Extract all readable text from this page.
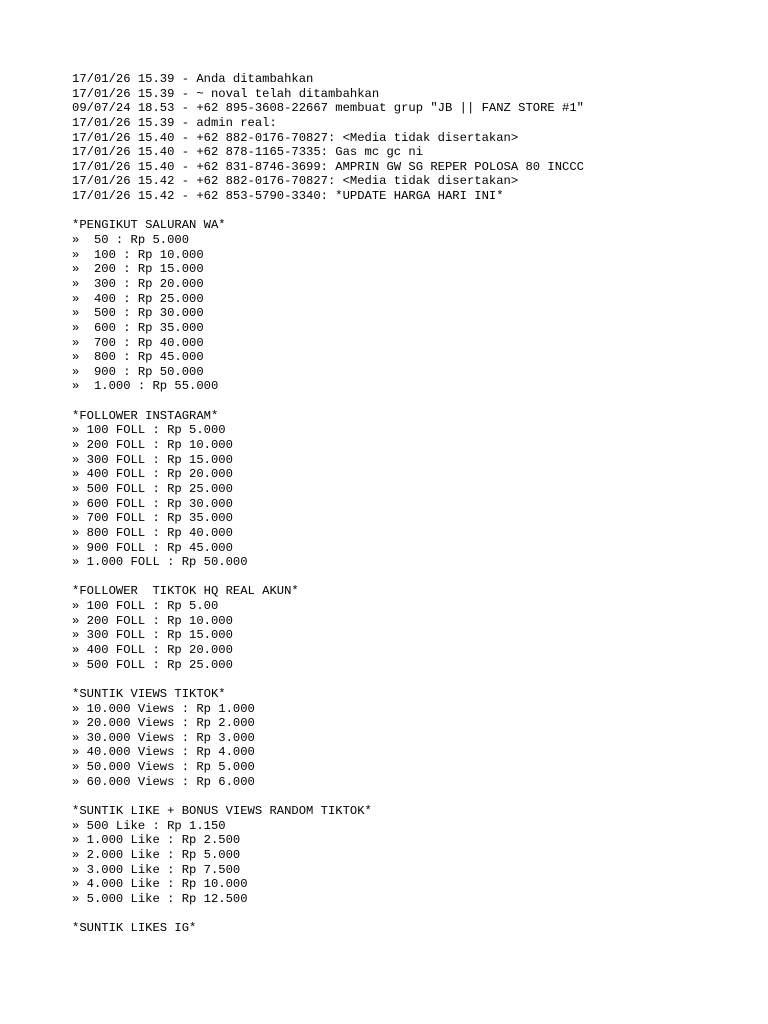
17/01/26 15.39 - Anda ditambahkan
17/01/26 15.39 - ~ noval telah ditambahkan
09/07/24 18.53 - +62 895-3608-22667 membuat grup "JB || FANZ STORE #1"
17/01/26 15.39 - admin real:
17/01/26 15.40 - +62 882-0176-70827: <Media tidak disertakan>
17/01/26 15.40 - +62 878-1165-7335: Gas mc gc ni
17/01/26 15.40 - +62 831-8746-3699: AMPRIN GW SG REPER POLOSA 80 INCCC
17/01/26 15.42 - +62 882-0176-70827: <Media tidak disertakan>
17/01/26 15.42 - +62 853-5790-3340: *UPDATE HARGA HARI INI*
*PENGIKUT SALURAN WA*
»  50 : Rp 5.000
»  100 : Rp 10.000
»  200 : Rp 15.000
»  300 : Rp 20.000
»  400 : Rp 25.000
»  500 : Rp 30.000
»  600 : Rp 35.000
»  700 : Rp 40.000
»  800 : Rp 45.000
»  900 : Rp 50.000
»  1.000 : Rp 55.000
*FOLLOWER INSTAGRAM*
» 100 FOLL : Rp 5.000
» 200 FOLL : Rp 10.000
» 300 FOLL : Rp 15.000
» 400 FOLL : Rp 20.000
» 500 FOLL : Rp 25.000
» 600 FOLL : Rp 30.000
» 700 FOLL : Rp 35.000
» 800 FOLL : Rp 40.000
» 900 FOLL : Rp 45.000
» 1.000 FOLL : Rp 50.000
*FOLLOWER  TIKTOK HQ REAL AKUN*
» 100 FOLL : Rp 5.00
» 200 FOLL : Rp 10.000
» 300 FOLL : Rp 15.000
» 400 FOLL : Rp 20.000
» 500 FOLL : Rp 25.000
*SUNTIK VIEWS TIKTOK*
» 10.000 Views : Rp 1.000
» 20.000 Views : Rp 2.000
» 30.000 Views : Rp 3.000
» 40.000 Views : Rp 4.000
» 50.000 Views : Rp 5.000
» 60.000 Views : Rp 6.000
*SUNTIK LIKE + BONUS VIEWS RANDOM TIKTOK*
» 500 Like : Rp 1.150
» 1.000 Like : Rp 2.500
» 2.000 Like : Rp 5.000
» 3.000 Like : Rp 7.500
» 4.000 Like : Rp 10.000
» 5.000 Like : Rp 12.500
*SUNTIK LIKES IG*
